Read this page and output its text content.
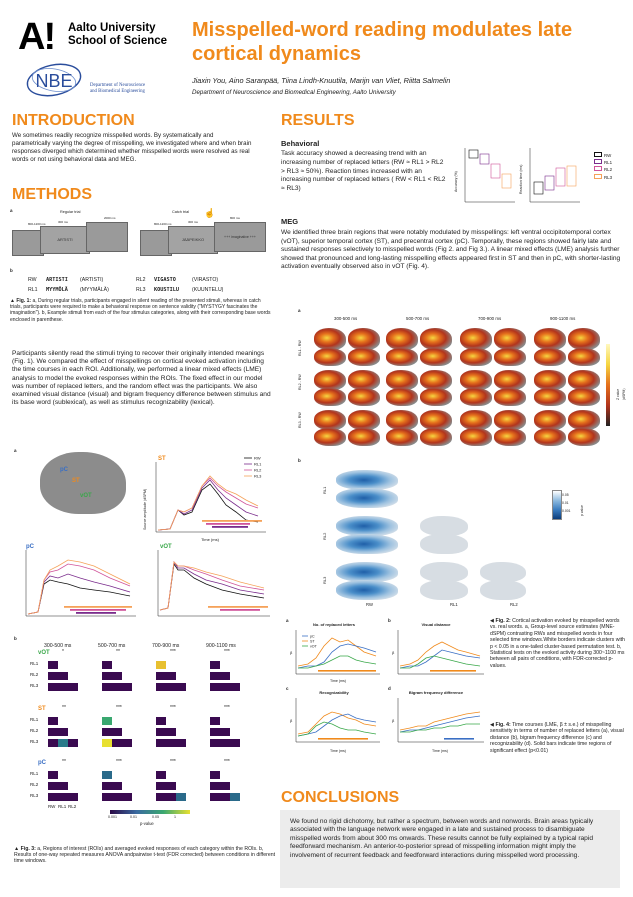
A! Aalto University
School of Science
NBE	Department of Neuroscience
and Biomedical Engineering
Misspelled-word reading modulates late
cortical dynamics
Jiaxin You, Aino Saranpää, Tiina Lindh-Knuutila, Marijn van Vliet, Riitta Salmelin
Department of Neuroscience and Biomedical Engineering, Aalto University
INTRODUCTION

We sometimes readily recognize misspelled words. By systematically and parametrically varying the degree of misspelling, we investigated where and when brain responses diverged which determined whether misspelled words were resolved as real words or not using behavioral data and MEG.

METHODS
a	Regular trial	Catch trial
ARTISTI
800-1200 ms	300 ms
2000 ms
JÄÄPEIKKO	+++ imaginative +++
☝
800-1200 ms	300 ms
800 ms
b
RW ARTISTI (ARTISTI)
RL1 MYYMÖLÄ (MYYMÄLÄ)
RL2 VIGASTO	(VIRASTO)
RL3 KOUSTILU	(KUUNTELU)

▲ Fig. 1: a, During regular trials, participants engaged in silent reading of the presented stimuli, whereas in catch trials, participants were required to make a behavioral response on sentence validity ("MYSTYGY fascinates the imagination"). b, Example stimuli from each of the four stimulus categories, along with their corresponding base words enclosed in parenthese.

Participants silently read the stimuli trying to recover their originally intended meanings (Fig. 1). We compared the effect of misspellings on cortical evoked activation including the time courses in each ROI. Additionally, we performed a linear mixed effects (LME) analysis to model the evoked responses within the ROIs. The fixed effect in our model was number of replaced letters, and the random effect was the participants. We also examined visual distance (visual) and bigram frequency difference between stimulus and its base word (sublexical), as well as stimulus recognizability (lexical).

a
pC
ST
vOT
ST
Source amplitude (dSPM)
Time (ms)
RW
RL1
RL2
RL3
pC	vOT
b
300-500 ms	500-700 ms	700-900 ms	900-1100 ms
vOT *	**	***	***
RL1
RL2
RL3
ST	**	***	***	***
RL1
RL2
RL3
pC	**	***	***	***
RL1
RL2
RL3
RW RL1 RL2
0.001	0.01	0.05	1
p-value

▲ Fig. 3: a, Regions of interest (ROIs) and averaged evoked responses of each category within the ROIs. b, Results of one-way repeated measures ANOVA andpairwise t-test (FDR corrected) between conditions in different time windows.

RESULTS
Behavioral

Task accuracy showed a decreasing trend with an increasing number of replaced letters (RW ≈ RL1 > RL2 > RL3 ≈ 50%). Reaction times increased with an increasing number of replaced letters ( RW < RL1 < RL2 ≈ RL3)	Accuracy (%)	Reaction time (ms)
RW
RL1
RL2
RL3
MEG

We identified three brain regions that were notably modulated by misspellings: left ventral occipitotemporal cortex (vOT), superior temporal cortex (ST), and precentral cortex (pC). Temporally, these regions showed fairly late and sustained responses selectively to misspelled words (Fig 2. and Fig 3.). A linear mixed effects (LME) analysis further showed that pronounced and long-lasting misspelling effects appeared first in ST and then in pC, with shorter-lasting activation eventually observed also in vOT (Fig. 4).

a
300-500 ms	500-700 ms	700-900 ms	900-1100 ms
RL1 - RW
RL2 - RW
RL3 - RW
Z value (dSPM)
b
RL1
RL2
RL3
RW	RL1	RL2
0.05
0.01
0.001	p value

◀ Fig. 2: Cortical activation evoked by misspelled words vs. real words. a, Group-level source estimates (MNE-dSPM) contrasting RWs and misspelled words in four selected time windows.White borders indicate clusters with p < 0.05 in a one-tailed cluster-based permutation test. b, Statistical tests on the evoked activity during 300~1100 ms between all pairs of conditions, with FDR-corrected p-values.

a
No. of replaced letters
pC
ST
vOT
Time (ms)
β
b
Visual distance
β
c
Recognizability
Time (ms)
β
d
Bigram frequency difference
Time (ms)
β

◀ Fig. 4: Time courses (LME, β ± s.e.) of misspelling sensitivity in terms of number of replaced letters (a), visual distance (b), bigram frequency difference (c) and recognizability (d). Solid bars indicate time regions of significant effect (p<0.01)

CONCLUSIONS

We found no rigid dichotomy, but rather a spectrum, between words and nonwords. Brain areas typically associated with the language network were engaged in a late and sustained process to disambiguate misspelled words from about 300 ms onwards. These results cannot be fully explained by a typical rapid feedforward mechanism. An anterior-to-posterior spread of misspelling information might imply the involvement of recurrent feedback and feedforward interactions during misspelled word processing.
